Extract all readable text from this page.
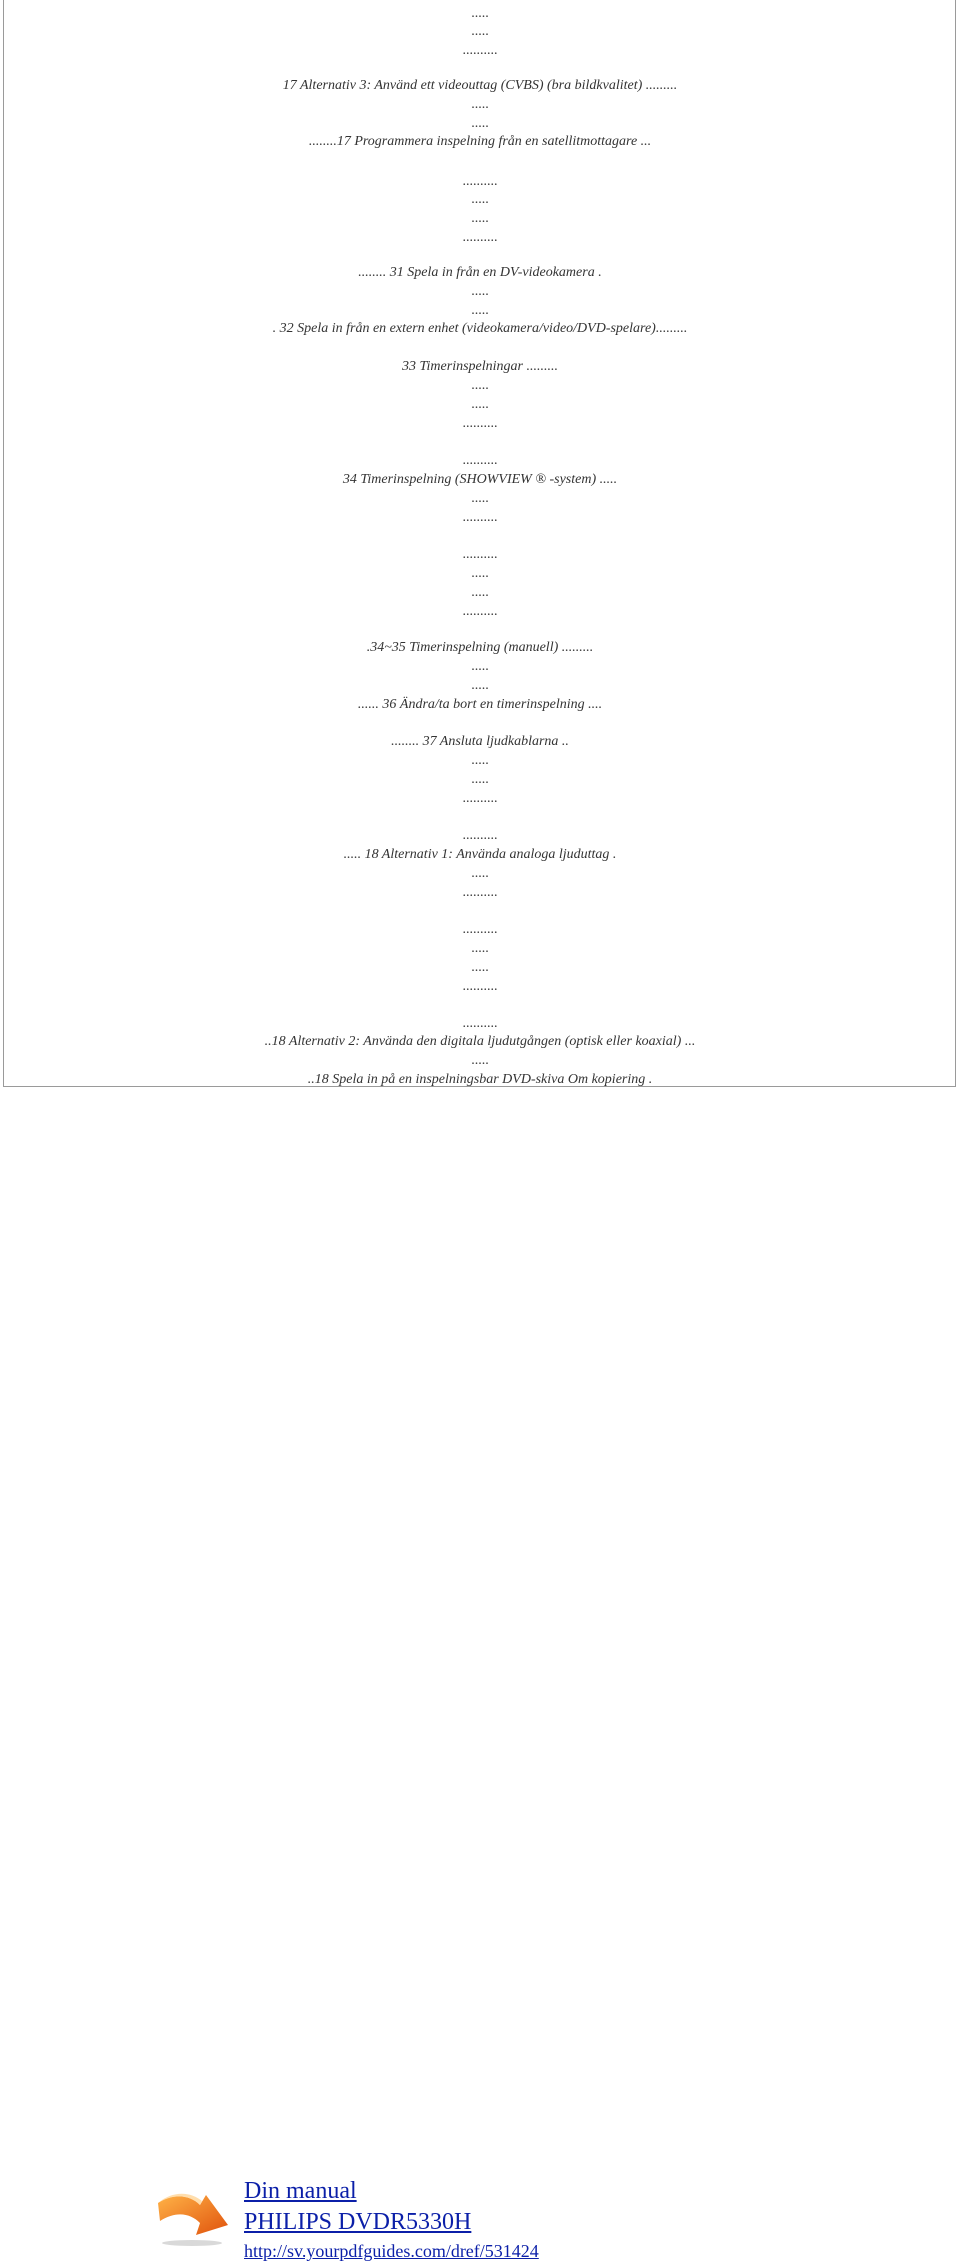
.....
.....
..........
17 Alternativ 3: Använd ett videouttag (CVBS) (bra bildkvalitet) .........
.....
.....
........17 Programmera inspelning från en satellitmottagare ...
..........
.....
.....
..........
........ 31 Spela in från en DV-videokamera .
.....
.....
. 32 Spela in från en extern enhet (videokamera/video/DVD-spelare).........
33 Timerinspelningar .........
.....
.....
..........
..........
34 Timerinspelning (SHOWVIEW ® -system) .....
.....
..........
..........
.....
.....
..........
.34~35 Timerinspelning (manuell) .........
.....
.....
...... 36 Ändra/ta bort en timerinspelning ....
........ 37 Ansluta ljudkablarna ..
.....
.....
..........
..........
..... 18 Alternativ 1: Använda analoga ljuduttag .
.....
..........
..........
.....
.....
..........
..........
..18 Alternativ 2: Använda den digitala ljudutgången (optisk eller koaxial) ...
.....
..18 Spela in på en inspelningsbar DVD-skiva Om kopiering .
Din manual
PHILIPS DVDR5330H
http://sv.yourpdfguides.com/dref/531424
